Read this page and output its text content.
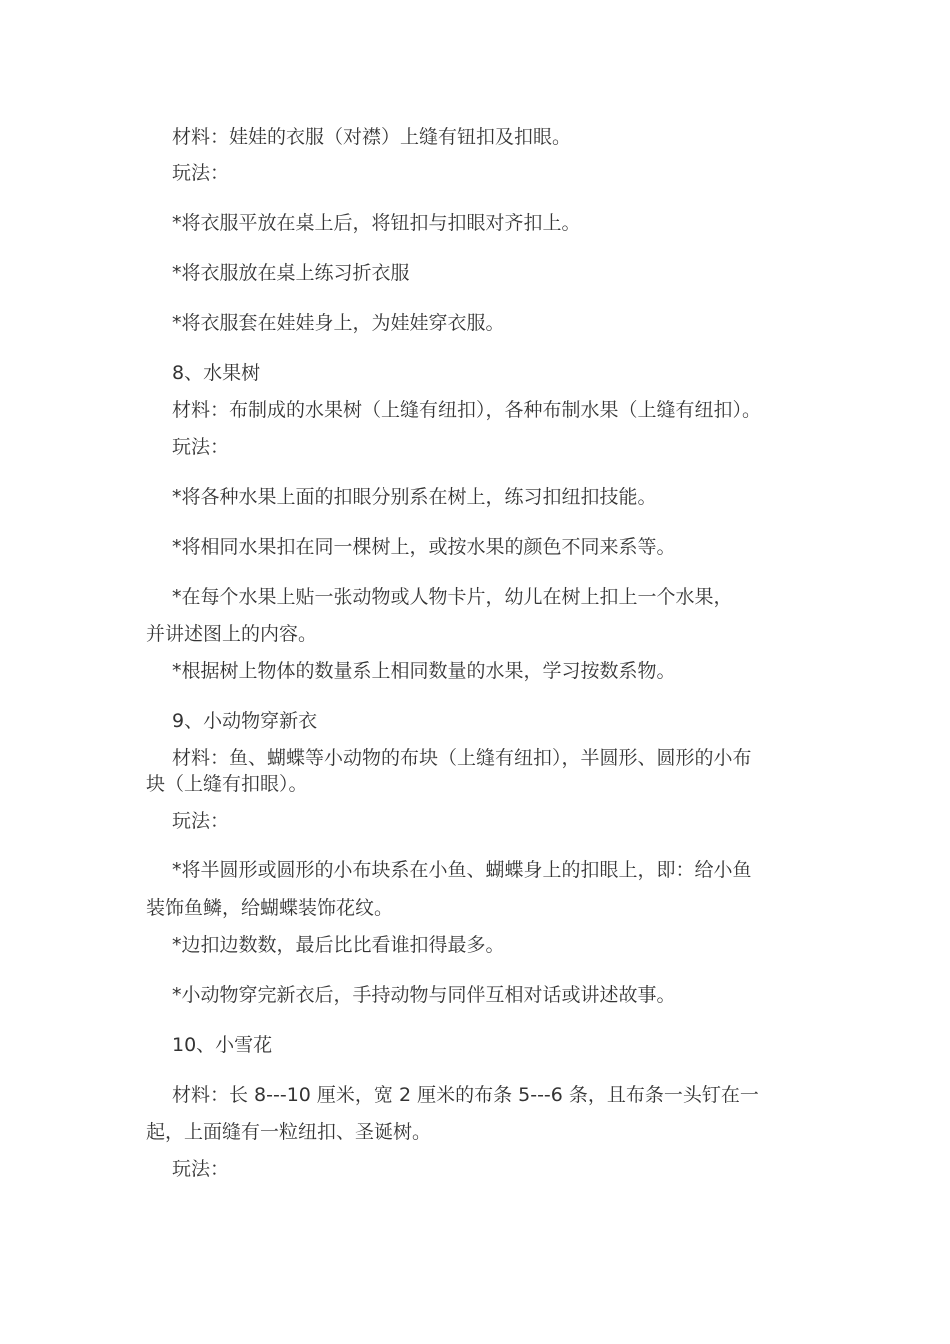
材料：娃娃的衣服（对襟）上缝有钮扣及扣眼。

玩法：

*将衣服平放在桌上后，将钮扣与扣眼对齐扣上。

*将衣服放在桌上练习折衣服

*将衣服套在娃娃身上，为娃娃穿衣服。

8、水果树

材料：布制成的水果树（上缝有纽扣），各种布制水果（上缝有纽扣）。

玩法：

*将各种水果上面的扣眼分别系在树上，练习扣纽扣技能。

*将相同水果扣在同一棵树上，或按水果的颜色不同来系等。

*在每个水果上贴一张动物或人物卡片，幼儿在树上扣上一个水果，

并讲述图上的内容。

*根据树上物体的数量系上相同数量的水果，学习按数系物。

9、小动物穿新衣

材料：鱼、蝴蝶等小动物的布块（上缝有纽扣），半圆形、圆形的小布

块（上缝有扣眼）。

玩法：

*将半圆形或圆形的小布块系在小鱼、蝴蝶身上的扣眼上，即：给小鱼

装饰鱼鳞，给蝴蝶装饰花纹。

*边扣边数数，最后比比看谁扣得最多。

*小动物穿完新衣后，手持动物与同伴互相对话或讲述故事。

10、小雪花

材料：长 8---10 厘米，宽 2 厘米的布条 5---6 条，且布条一头钉在一

起，上面缝有一粒纽扣、圣诞树。

玩法：
